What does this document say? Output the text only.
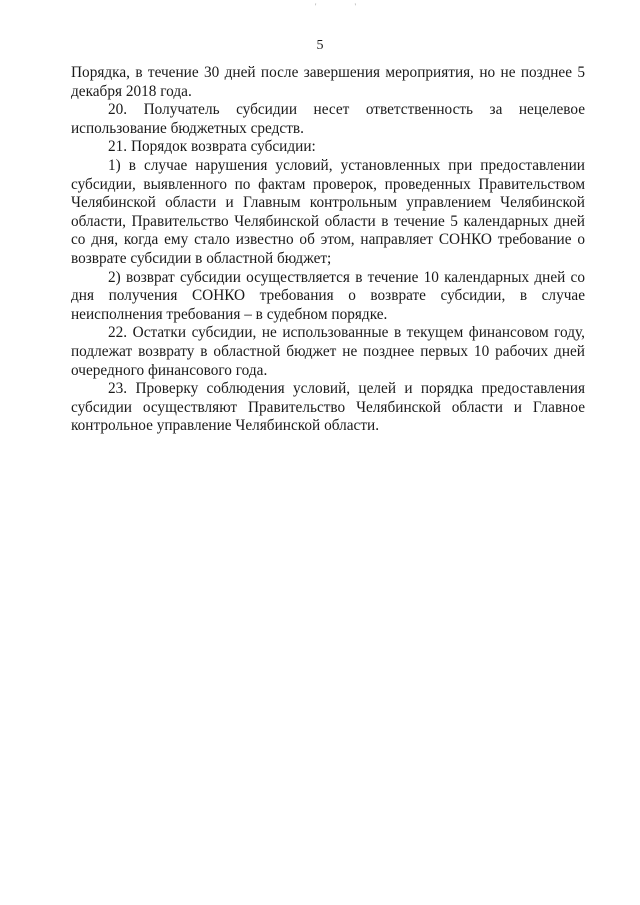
' '
5

Порядка, в течение 30 дней после завершения мероприятия, но не позднее 5 декабря 2018 года.

20. Получатель субсидии несет ответственность за нецелевое использование бюджетных средств.

21. Порядок возврата субсидии:

1) в случае нарушения условий, установленных при предоставлении субсидии, выявленного по фактам проверок, проведенных Правительством Челябинской области и Главным контрольным управлением Челябинской области, Правительство Челябинской области в течение 5 календарных дней со дня, когда ему стало известно об этом, направляет СОНКО требование о возврате субсидии в областной бюджет;

2) возврат субсидии осуществляется в течение 10 календарных дней со дня получения СОНКО требования о возврате субсидии, в случае неисполнения требования – в судебном порядке.

22. Остатки субсидии, не использованные в текущем финансовом году, подлежат возврату в областной бюджет не позднее первых 10 рабочих дней очередного финансового года.

23. Проверку соблюдения условий, целей и порядка предоставления субсидии осуществляют Правительство Челябинской области и Главное контрольное управление Челябинской области.
